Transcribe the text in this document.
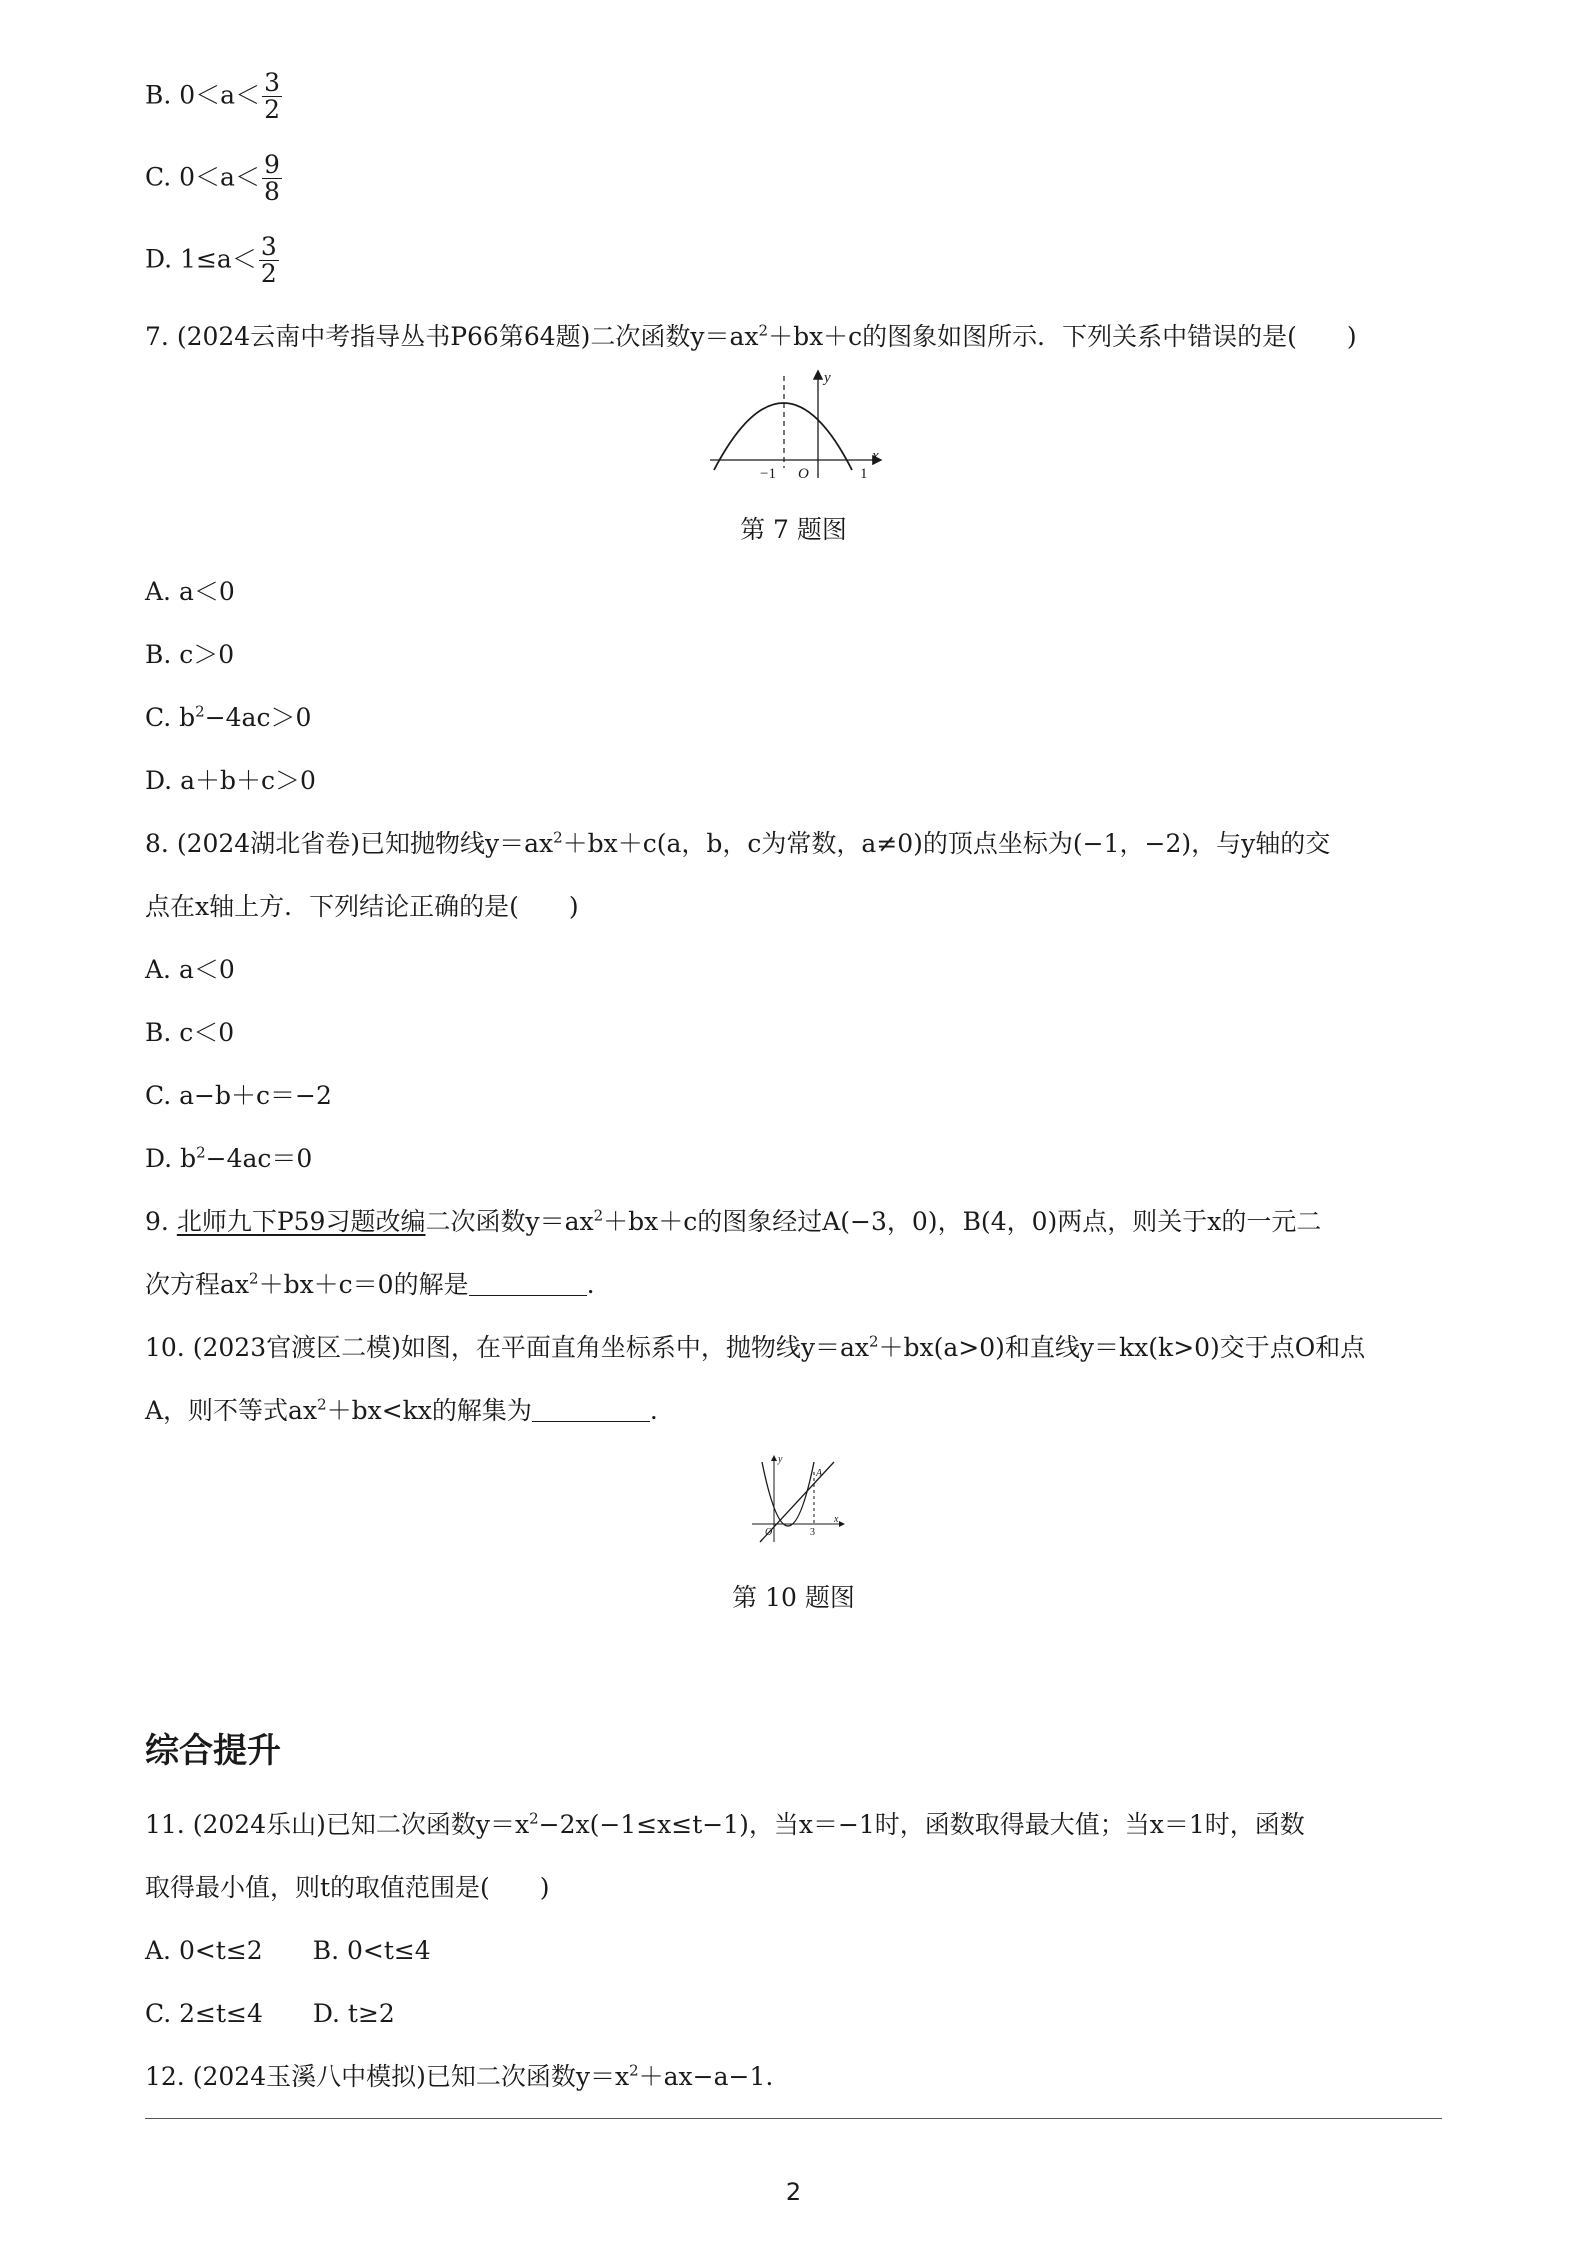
B. $0<a< \frac{3}{2}$
C. $0<a< \frac{9}{8}$
D. $1\le a< \frac{3}{2}$
7. (2024云南中考指导丛书P66第64题)二次函数$y=ax^2+bx+c$的图象如图所示．下列关系中错误的是(　　)
y
x
−1 O	1
第 7 题图
A. a＜0
B. c＞0
C. $b^2-4ac>0$
D. a＋b＋c＞0
8. (2024湖北省卷)已知抛物线$y=ax^2+bx+c(a$，b，c为常数，a≠0)的顶点坐标为(−1，−2)，与y轴的交
点在x轴上方．下列结论正确的是(　　)
A. a＜0
B. c＜0
C. a−b＋c＝−2
D. $b^2-4ac=0$
9. 北师九下P59习题改编二次函数$y=ax^2+bx+c$的图象经过A(−3，0)，B(4，0)两点，则关于x的一元二
次方程$ax^2+bx+c=0$的解是	.
10. (2023官渡区二模)如图，在平面直角坐标系中，抛物线$y=ax^2+bx(a>0)$和直线y＝kx(k>0)交于点O和点
A，则不等式$ax^2+bx<kx$的解集为	.
y
x
O	3
A
第 10 题图
综合提升
11. (2024乐山)已知二次函数$y=x^2-2x(-1\le x\le t-1)$，当x＝−1时，函数取得最大值；当x＝1时，函数
取得最小值，则t的取值范围是(　　)
A. 0<t≤2　　B. 0<t≤4
C. 2≤t≤4　　D. t≥2
12. (2024玉溪八中模拟)已知二次函数$y=x^2+ax-a-1$.
2
